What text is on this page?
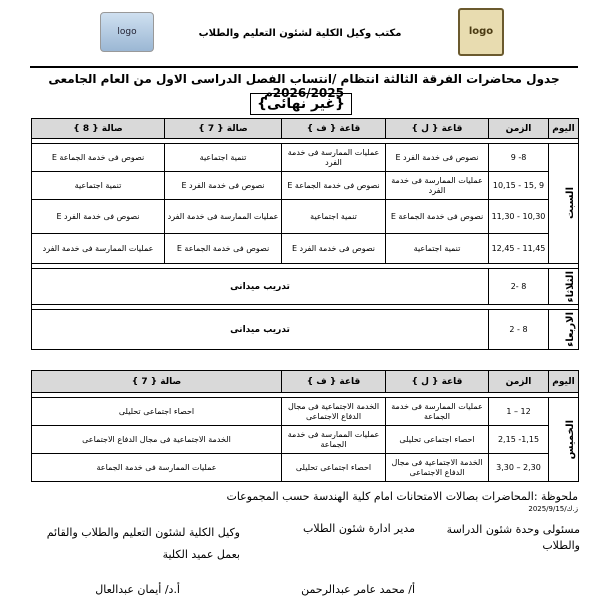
logo	مكتب وكيل الكلية لشئون التعليم والطلاب	logo
جدول محاضرات الفرقة الثالثة انتظام /انتساب الفصل الدراسى الاول من العام الجامعى 2026/2025م
{غير نهائى}
اليوم	الزمن	قاعة { ل }	قاعة { ف }	صالة { 7 }	صالة { 8 }

السبت	8- 9	نصوص فى خدمة الفرد E	عمليات الممارسة فى خدمة الفرد	تنمية اجتماعية	نصوص فى خدمة الجماعة E
	9 ,15 - 10,15	عمليات الممارسة فى خدمة الفرد	نصوص فى خدمة الجماعة E	نصوص فى خدمة الفرد E	تنمية اجتماعية
	10,30 - 11,30	نصوص فى خدمة الجماعة E	تنمية اجتماعية	عمليات الممارسة فى خدمة الفرد	نصوص فى خدمة الفرد E
	11,45 - 12,45	تنمية اجتماعية	نصوص فى خدمة الفرد E	نصوص فى خدمة الجماعة E	عمليات الممارسة فى خدمة الفرد

الثلاثاء	8 -2	تدريب ميدانى			

الاربعاء	8 - 2	تدريب ميدانى			
اليوم	الزمن	قاعة { ل }	قاعة { ف }	صالة { 7 }

الخميس	12 – 1	عمليات الممارسة فى خدمة الجماعة	الخدمة الاجتماعية فى مجال الدفاع الاجتماعى	احصاء اجتماعى تحليلى
	1,15- 2,15	احصاء اجتماعى تحليلى	عمليات الممارسة فى خدمة الجماعة	الخدمة الاجتماعية فى مجال الدفاع الاجتماعى
	2,30 – 3,30	الخدمة الاجتماعية فى مجال الدفاع الاجتماعى	احصاء اجتماعى تحليلى	عمليات الممارسة فى خدمة الجماعة
ملحوظة :المحاضرات بصالات الامتحانات امام كلية الهندسة حسب المجموعات
ز.ك/2025/9/15
مسئولى وحدة شئون الدراسة والطلاب
مدير ادارة شئون الطلاب
أ/ محمد عامر عبدالرحمن
وكيل الكلية لشئون التعليم والطلاب والقائم بعمل عميد الكلية
أ.د/ أيمان عبدالعال
